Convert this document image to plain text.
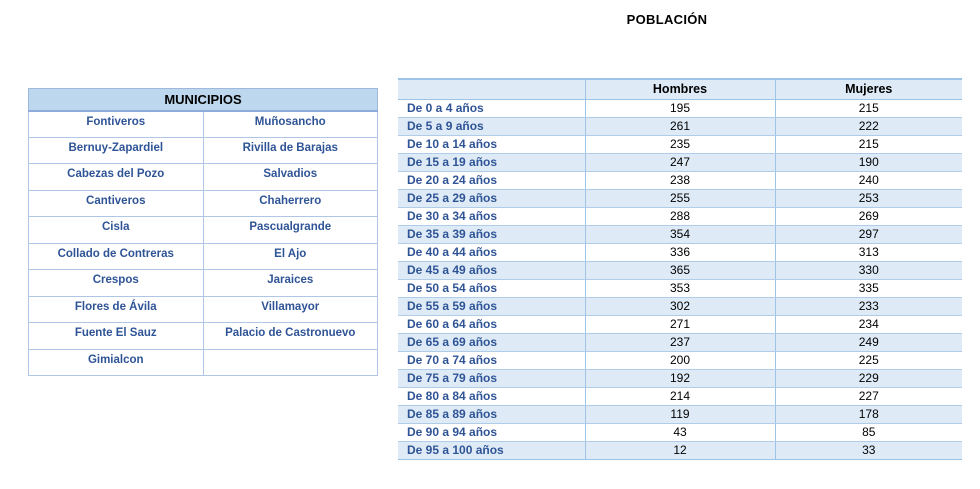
POBLACIÓN
MUNICIPIOS	
Fontiveros	Muñosancho
Bernuy-Zapardiel	Rivilla de Barajas
Cabezas del Pozo	Salvadios
Cantiveros	Chaherrero
Cisla	Pascualgrande
Collado de Contreras	El Ajo
Crespos	Jaraices
Flores de Ávila	Villamayor
Fuente El Sauz	Palacio de Castronuevo
Gimialcon	
	Hombres	Mujeres
De 0 a 4 años	195	215
De 5 a 9 años	261	222
De 10 a 14 años	235	215
De 15 a 19 años	247	190
De 20 a 24 años	238	240
De 25 a 29 años	255	253
De 30 a 34 años	288	269
De 35 a 39 años	354	297
De 40 a 44 años	336	313
De 45 a 49 años	365	330
De 50 a 54 años	353	335
De 55 a 59 años	302	233
De 60 a 64 años	271	234
De 65 a 69 años	237	249
De 70 a 74 años	200	225
De 75 a 79 años	192	229
De 80 a 84 años	214	227
De 85 a 89 años	119	178
De 90 a 94 años	43	85
De 95 a 100 años	12	33
